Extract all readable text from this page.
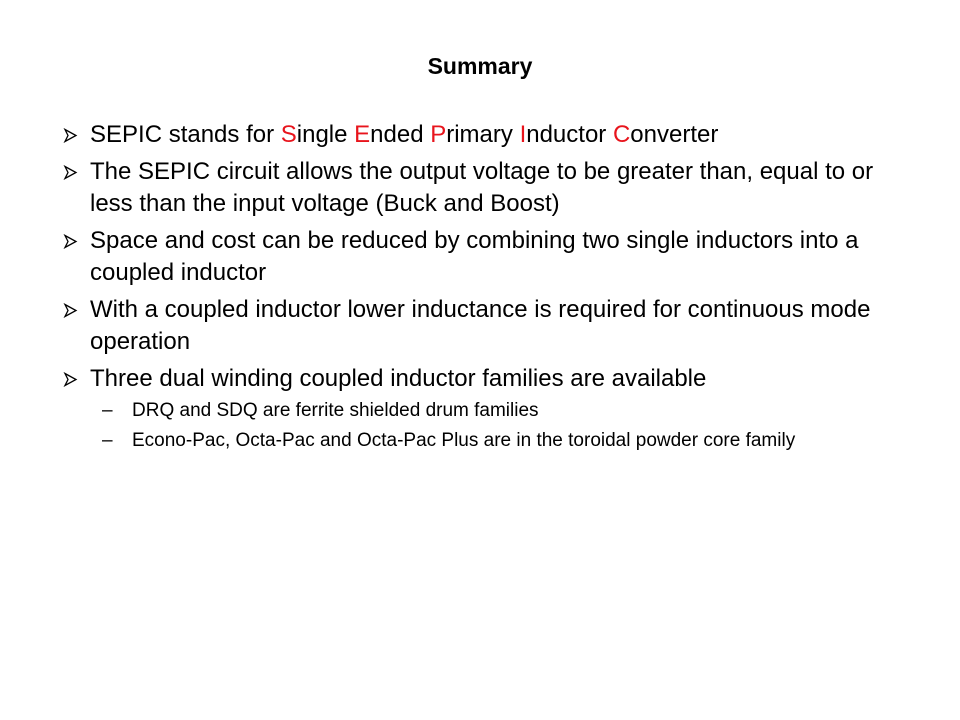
Summary
SEPIC stands for Single Ended Primary Inductor Converter
The SEPIC circuit allows the output voltage to be greater than, equal to or less than the input voltage (Buck and Boost)
Space and cost can be reduced by combining two single inductors into a coupled inductor
With a coupled inductor lower inductance is required for continuous mode operation
Three dual winding coupled inductor families are available
–	DRQ and SDQ are ferrite shielded drum families
–	Econo-Pac, Octa-Pac and Octa-Pac Plus are in the toroidal powder core family
